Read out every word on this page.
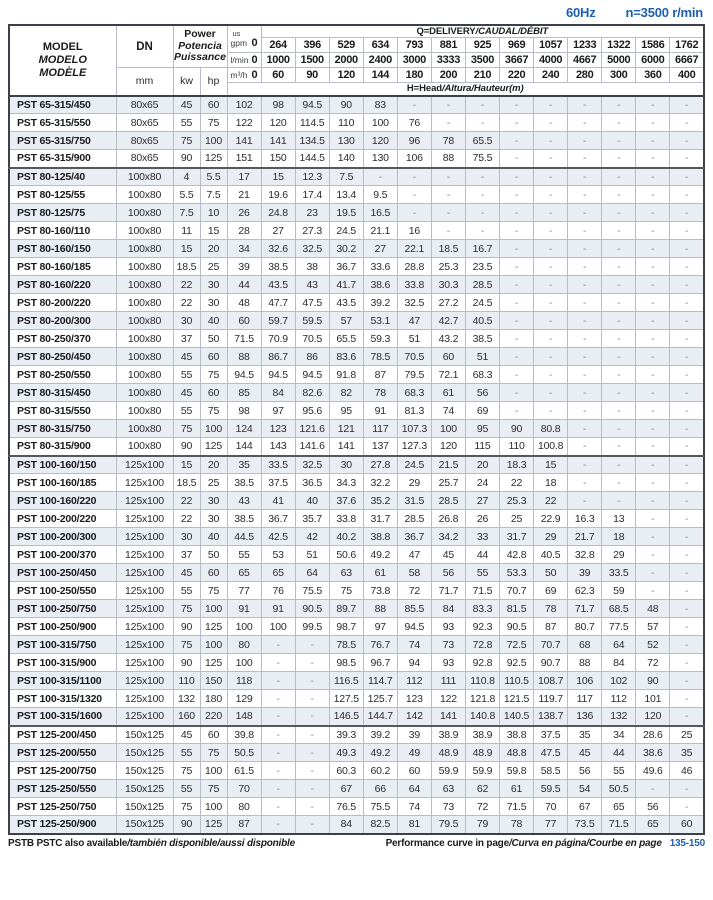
60Hz n=3500 r/min
MODEL
MODELO
MODÈLE	DN	Power
Potencia
Puissance		us
gpm 0	Q=DELIVERY/CAUDAL/DÉBIT												
					264	396	529	634	793	881	925	969	1057	1233	1322	1586	1762

				l/min 0	1000	1500	2000	2400	3000	3333	3500	3667	4000	4667	5000	6000	6667
	mm	kw	hp	m³/h 0	60	90	120	144	180	200	210	220	240	280	300	360	400
				H=Head/Altura/Hauteur(m)													
PST 65-315/450	80x65	45	60	102	98	94.5	90	83	-	-	-	-	-	-	-	-	-
PST 65-315/550	80x65	55	75	122	120	114.5	110	100	76	-	-	-	-	-	-	-	-
PST 65-315/750	80x65	75	100	141	141	134.5	130	120	96	78	65.5	-	-	-	-	-	-
PST 65-315/900	80x65	90	125	151	150	144.5	140	130	106	88	75.5	-	-	-	-	-	-
PST 80-125/40	100x80	4	5.5	17	15	12.3	7.5	-	-	-	-	-	-	-	-	-	-
PST 80-125/55	100x80	5.5	7.5	21	19.6	17.4	13.4	9.5	-	-	-	-	-	-	-	-	-
PST 80-125/75	100x80	7.5	10	26	24.8	23	19.5	16.5	-	-	-	-	-	-	-	-	-
PST 80-160/110	100x80	11	15	28	27	27.3	24.5	21.1	16	-	-	-	-	-	-	-	-
PST 80-160/150	100x80	15	20	34	32.6	32.5	30.2	27	22.1	18.5	16.7	-	-	-	-	-	-
PST 80-160/185	100x80	18.5	25	39	38.5	38	36.7	33.6	28.8	25.3	23.5	-	-	-	-	-	-
PST 80-160/220	100x80	22	30	44	43.5	43	41.7	38.6	33.8	30.3	28.5	-	-	-	-	-	-
PST 80-200/220	100x80	22	30	48	47.7	47.5	43.5	39.2	32.5	27.2	24.5	-	-	-	-	-	-
PST 80-200/300	100x80	30	40	60	59.7	59.5	57	53.1	47	42.7	40.5	-	-	-	-	-	-
PST 80-250/370	100x80	37	50	71.5	70.9	70.5	65.5	59.3	51	43.2	38.5	-	-	-	-	-	-
PST 80-250/450	100x80	45	60	88	86.7	86	83.6	78.5	70.5	60	51	-	-	-	-	-	-
PST 80-250/550	100x80	55	75	94.5	94.5	94.5	91.8	87	79.5	72.1	68.3	-	-	-	-	-	-
PST 80-315/450	100x80	45	60	85	84	82.6	82	78	68.3	61	56	-	-	-	-	-	-
PST 80-315/550	100x80	55	75	98	97	95.6	95	91	81.3	74	69	-	-	-	-	-	-
PST 80-315/750	100x80	75	100	124	123	121.6	121	117	107.3	100	95	90	80.8	-	-	-	-
PST 80-315/900	100x80	90	125	144	143	141.6	141	137	127.3	120	115	110	100.8	-	-	-	-
PST 100-160/150	125x100	15	20	35	33.5	32.5	30	27.8	24.5	21.5	20	18.3	15	-	-	-	-
PST 100-160/185	125x100	18.5	25	38.5	37.5	36.5	34.3	32.2	29	25.7	24	22	18	-	-	-	-
PST 100-160/220	125x100	22	30	43	41	40	37.6	35.2	31.5	28.5	27	25.3	22	-	-	-	-
PST 100-200/220	125x100	22	30	38.5	36.7	35.7	33.8	31.7	28.5	26.8	26	25	22.9	16.3	13	-	-
PST 100-200/300	125x100	30	40	44.5	42.5	42	40.2	38.8	36.7	34.2	33	31.7	29	21.7	18	-	-
PST 100-200/370	125x100	37	50	55	53	51	50.6	49.2	47	45	44	42.8	40.5	32.8	29	-	-
PST 100-250/450	125x100	45	60	65	65	64	63	61	58	56	55	53.3	50	39	33.5	-	-
PST 100-250/550	125x100	55	75	77	76	75.5	75	73.8	72	71.7	71.5	70.7	69	62.3	59	-	-
PST 100-250/750	125x100	75	100	91	91	90.5	89.7	88	85.5	84	83.3	81.5	78	71.7	68.5	48	-
PST 100-250/900	125x100	90	125	100	100	99.5	98.7	97	94.5	93	92.3	90.5	87	80.7	77.5	57	-
PST 100-315/750	125x100	75	100	80	-	-	78.5	76.7	74	73	72.8	72.5	70.7	68	64	52	-
PST 100-315/900	125x100	90	125	100	-	-	98.5	96.7	94	93	92.8	92.5	90.7	88	84	72	-
PST 100-315/1100	125x100	110	150	118	-	-	116.5	114.7	112	111	110.8	110.5	108.7	106	102	90	-
PST 100-315/1320	125x100	132	180	129	-	-	127.5	125.7	123	122	121.8	121.5	119.7	117	112	101	-
PST 100-315/1600	125x100	160	220	148	-	-	146.5	144.7	142	141	140.8	140.5	138.7	136	132	120	-
PST 125-200/450	150x125	45	60	39.8	-	-	39.3	39.2	39	38.9	38.9	38.8	37.5	35	34	28.6	25
PST 125-200/550	150x125	55	75	50.5	-	-	49.3	49.2	49	48.9	48.9	48.8	47.5	45	44	38.6	35
PST 125-200/750	150x125	75	100	61.5	-	-	60.3	60.2	60	59.9	59.9	59.8	58.5	56	55	49.6	46
PST 125-250/550	150x125	55	75	70	-	-	67	66	64	63	62	61	59.5	54	50.5	-	-
PST 125-250/750	150x125	75	100	80	-	-	76.5	75.5	74	73	72	71.5	70	67	65	56	-
PST 125-250/900	150x125	90	125	87	-	-	84	82.5	81	79.5	79	78	77	73.5	71.5	65	60
PSTB PSTC also available/también disponible/aussi disponible	Performance curve in page/Curva en página/Courbe en page 135-150
